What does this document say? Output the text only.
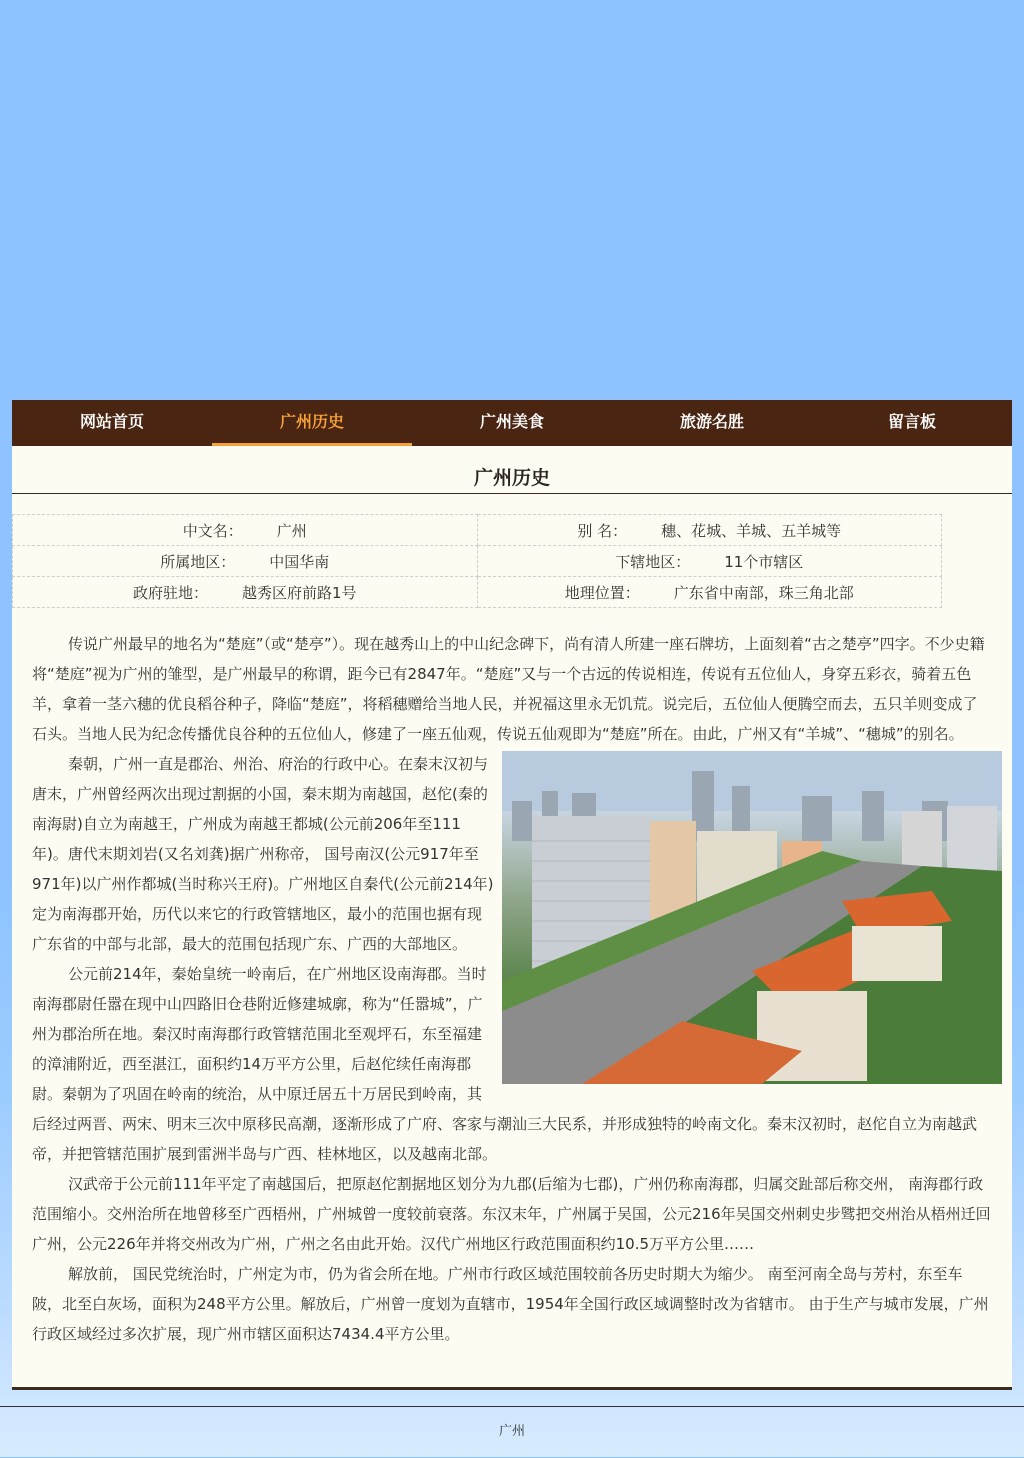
网站首页	广州历史	广州美食	旅游名胜	留言板
广州历史
中文名： 广州	别 名： 穗、花城、羊城、五羊城等
所属地区： 中国华南	下辖地区： 11个市辖区
政府驻地： 越秀区府前路1号	地理位置： 广东省中南部，珠三角北部

传说广州最早的地名为“楚庭”（或“楚亭”）。现在越秀山上的中山纪念碑下，尚有清人所建一座石牌坊，上面刻着“古之楚亭”四字。不少史籍将“楚庭”视为广州的雏型，是广州最早的称谓，距今已有2847年。“楚庭”又与一个古远的传说相连，传说有五位仙人，身穿五彩衣，骑着五色羊，拿着一茎六穗的优良稻谷种子，降临“楚庭”，将稻穗赠给当地人民，并祝福这里永无饥荒。说完后，五位仙人便腾空而去，五只羊则变成了石头。当地人民为纪念传播优良谷种的五位仙人，修建了一座五仙观，传说五仙观即为“楚庭”所在。由此，广州又有“羊城”、“穗城”的别名。

秦朝，广州一直是郡治、州治、府治的行政中心。在秦末汉初与唐末，广州曾经两次出现过割据的小国，秦末期为南越国，赵佗(秦的南海尉)自立为南越王，广州成为南越王都城(公元前206年至111年)。唐代末期刘岩(又名刘龚)据广州称帝， 国号南汉(公元917年至971年)以广州作都城(当时称兴王府)。广州地区自秦代(公元前214年)定为南海郡开始，历代以来它的行政管辖地区，最小的范围也据有现广东省的中部与北部，最大的范围包括现广东、广西的大部地区。

公元前214年，秦始皇统一岭南后，在广州地区设南海郡。当时南海郡尉任嚣在现中山四路旧仓巷附近修建城廓，称为“任嚣城”，广州为郡治所在地。秦汉时南海郡行政管辖范围北至观坪石，东至福建的漳浦附近，西至湛江，面积约14万平方公里，后赵佗续任南海郡尉。秦朝为了巩固在岭南的统治，从中原迁居五十万居民到岭南，其后经过两晋、两宋、明末三次中原移民高潮，逐渐形成了广府、客家与潮汕三大民系，并形成独特的岭南文化。秦末汉初时，赵佗自立为南越武帝，并把管辖范围扩展到雷洲半岛与广西、桂林地区，以及越南北部。

汉武帝于公元前111年平定了南越国后，把原赵佗割据地区划分为九郡(后缩为七郡)，广州仍称南海郡，归属交趾部后称交州， 南海郡行政范围缩小。交州治所在地曾移至广西梧州，广州城曾一度较前衰落。东汉末年，广州属于吴国，公元216年吴国交州刺史步骘把交州治从梧州迁回广州，公元226年并将交州改为广州，广州之名由此开始。汉代广州地区行政范围面积约10.5万平方公里……

解放前， 国民党统治时，广州定为市，仍为省会所在地。广州市行政区域范围较前各历史时期大为缩少。 南至河南全岛与芳村，东至车陂，北至白灰场，面积为248平方公里。解放后，广州曾一度划为直辖市，1954年全国行政区域调整时改为省辖市。 由于生产与城市发展，广州行政区域经过多次扩展，现广州市辖区面积达7434.4平方公里。

广州
